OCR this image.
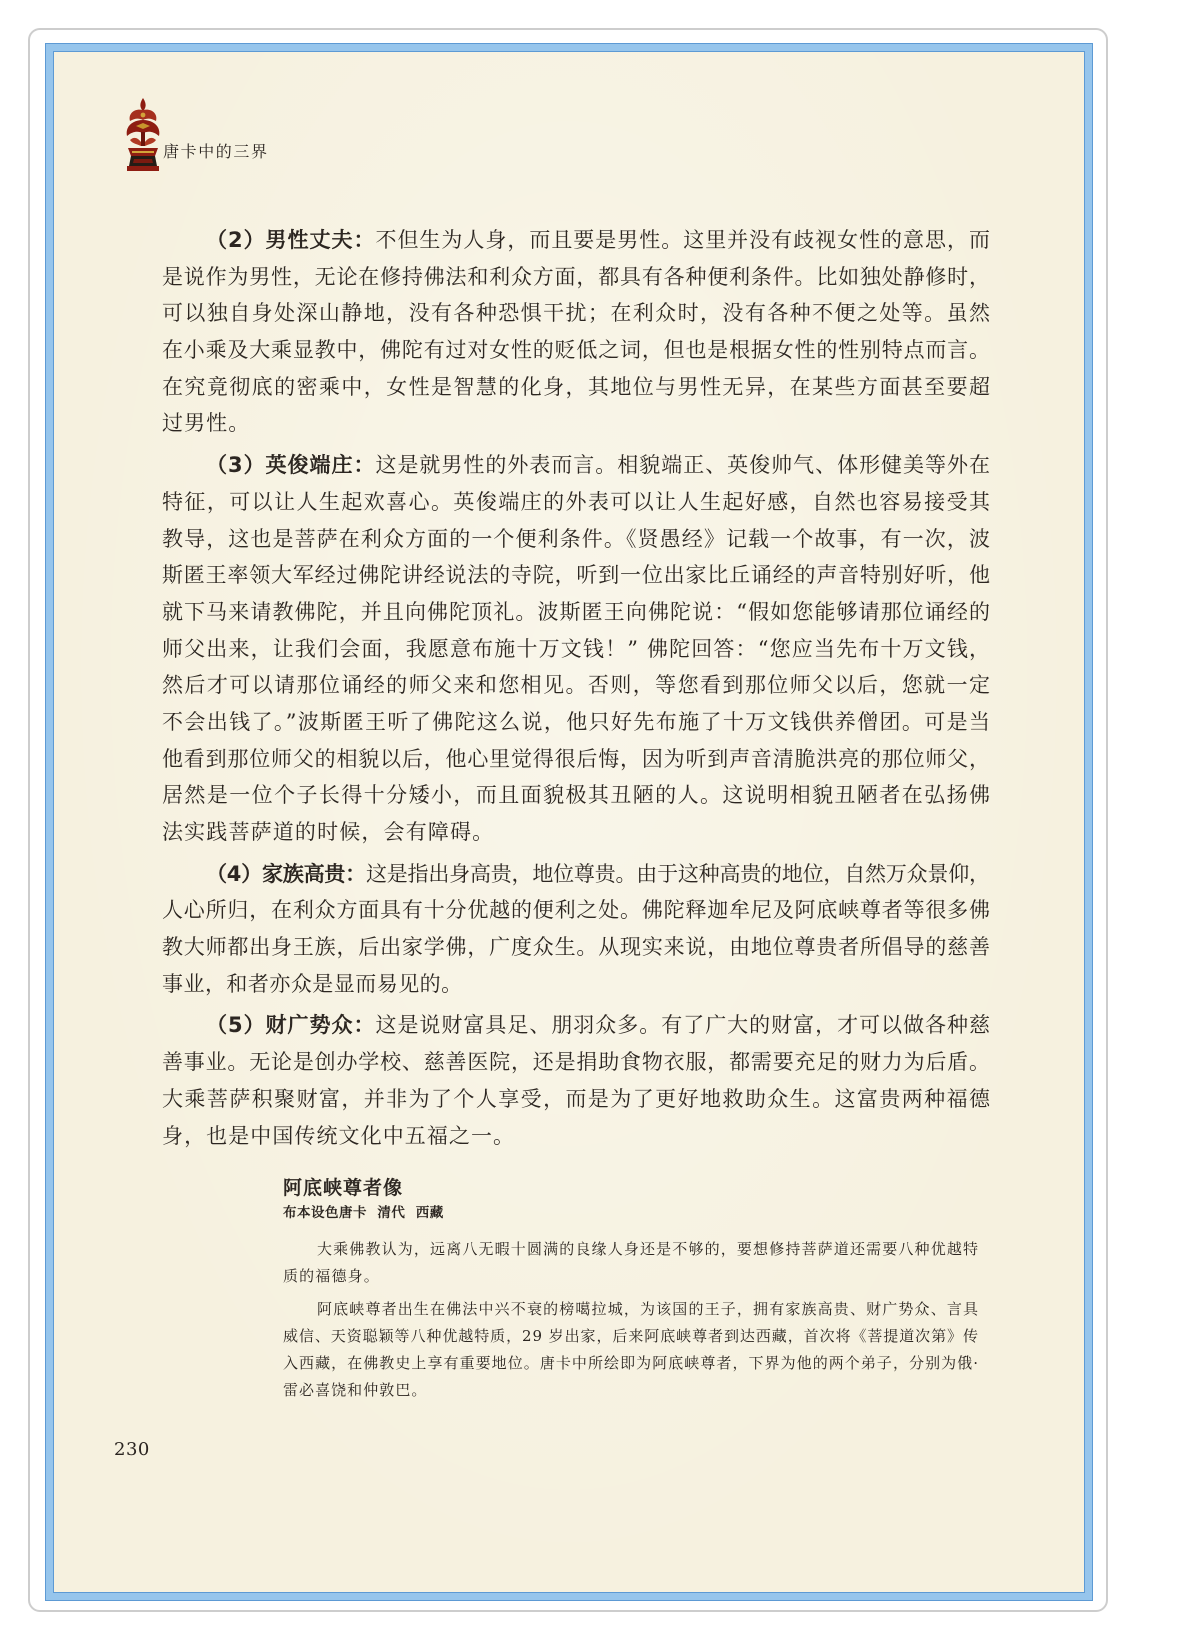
唐卡中的三界
（2）男性丈夫：不但生为人身，而且要是男性。这里并没有歧视女性的意思，而
是说作为男性，无论在修持佛法和利众方面，都具有各种便利条件。比如独处静修时，
可以独自身处深山静地，没有各种恐惧干扰；在利众时，没有各种不便之处等。虽然
在小乘及大乘显教中，佛陀有过对女性的贬低之词，但也是根据女性的性别特点而言。
在究竟彻底的密乘中，女性是智慧的化身，其地位与男性无异，在某些方面甚至要超
过男性。
（3）英俊端庄：这是就男性的外表而言。相貌端正、英俊帅气、体形健美等外在
特征，可以让人生起欢喜心。英俊端庄的外表可以让人生起好感，自然也容易接受其
教导，这也是菩萨在利众方面的一个便利条件。《贤愚经》记载一个故事，有一次，波
斯匿王率领大军经过佛陀讲经说法的寺院，听到一位出家比丘诵经的声音特别好听，他
就下马来请教佛陀，并且向佛陀顶礼。波斯匿王向佛陀说：“假如您能够请那位诵经的
师父出来，让我们会面，我愿意布施十万文钱！” 佛陀回答：“您应当先布十万文钱，
然后才可以请那位诵经的师父来和您相见。否则，等您看到那位师父以后，您就一定
不会出钱了。”波斯匿王听了佛陀这么说，他只好先布施了十万文钱供养僧团。可是当
他看到那位师父的相貌以后，他心里觉得很后悔，因为听到声音清脆洪亮的那位师父，
居然是一位个子长得十分矮小，而且面貌极其丑陋的人。这说明相貌丑陋者在弘扬佛
法实践菩萨道的时候，会有障碍。
（4）家族高贵：这是指出身高贵，地位尊贵。由于这种高贵的地位，自然万众景仰，
人心所归，在利众方面具有十分优越的便利之处。佛陀释迦牟尼及阿底峡尊者等很多佛
教大师都出身王族，后出家学佛，广度众生。从现实来说，由地位尊贵者所倡导的慈善
事业，和者亦众是显而易见的。
（5）财广势众：这是说财富具足、朋羽众多。有了广大的财富，才可以做各种慈
善事业。无论是创办学校、慈善医院，还是捐助食物衣服，都需要充足的财力为后盾。
大乘菩萨积聚财富，并非为了个人享受，而是为了更好地救助众生。这富贵两种福德
身，也是中国传统文化中五福之一。
阿底峡尊者像
布本设色唐卡  清代  西藏
大乘佛教认为，远离八无暇十圆满的良缘人身还是不够的，要想修持菩萨道还需要八种优越特
质的福德身。
阿底峡尊者出生在佛法中兴不衰的榜噶拉城，为该国的王子，拥有家族高贵、财广势众、言具
威信、天资聪颖等八种优越特质，29 岁出家，后来阿底峡尊者到达西藏，首次将《菩提道次第》传
入西藏，在佛教史上享有重要地位。唐卡中所绘即为阿底峡尊者，下界为他的两个弟子，分别为俄·
雷必喜饶和仲敦巴。
230
